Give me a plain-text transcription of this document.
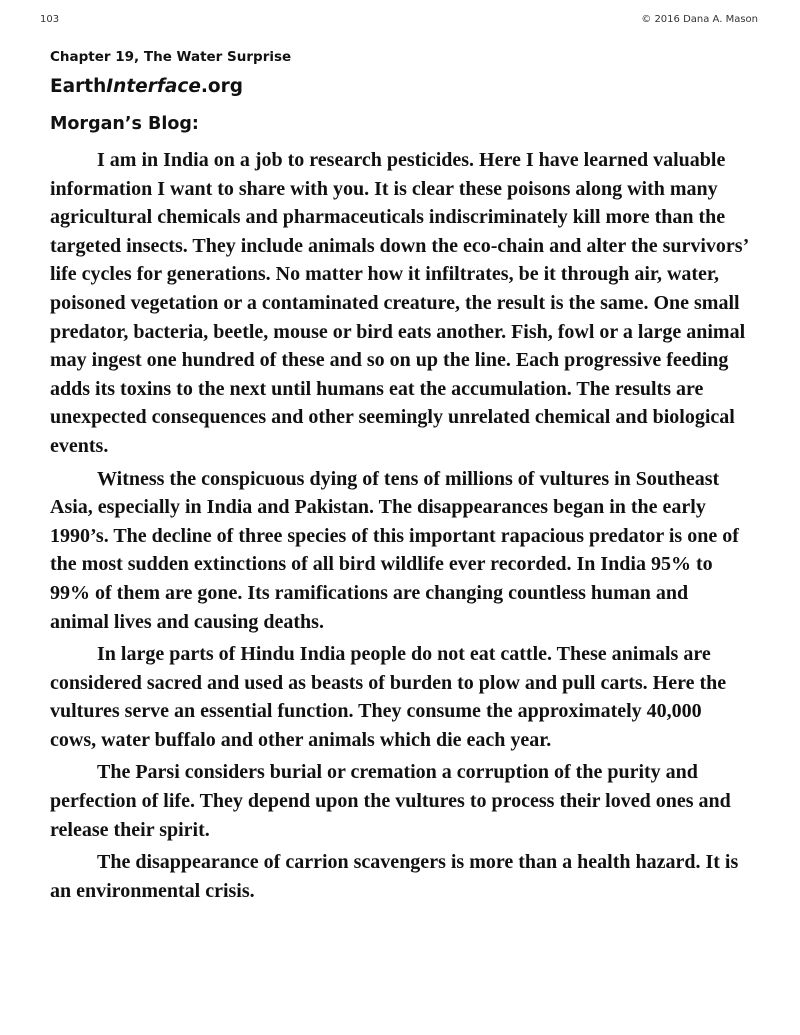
103	© 2016 Dana A. Mason
Chapter 19, The Water Surprise
EarthInterface.org
Morgan’s Blog:

I am in India on a job to research pesticides. Here I have learned valuable information I want to share with you. It is clear these poisons along with many agricultural chemicals and pharmaceuticals indiscriminately kill more than the targeted insects. They include animals down the eco-chain and alter the survivors’ life cycles for generations. No matter how it infiltrates, be it through air, water, poisoned vegetation or a contaminated creature, the result is the same. One small predator, bacteria, beetle, mouse or bird eats another. Fish, fowl or a large animal may ingest one hundred of these and so on up the line. Each progressive feeding adds its toxins to the next until humans eat the accumulation. The results are unexpected consequences and other seemingly unrelated chemical and biological events.

Witness the conspicuous dying of tens of millions of vultures in Southeast Asia, especially in India and Pakistan. The disappearances began in the early 1990’s. The decline of three species of this important rapacious predator is one of the most sudden extinctions of all bird wildlife ever recorded. In India 95% to 99% of them are gone. Its ramifications are changing countless human and animal lives and causing deaths.

In large parts of Hindu India people do not eat cattle. These animals are considered sacred and used as beasts of burden to plow and pull carts. Here the vultures serve an essential function. They consume the approximately 40,000 cows, water buffalo and other animals which die each year.

The Parsi considers burial or cremation a corruption of the purity and perfection of life. They depend upon the vultures to process their loved ones and release their spirit.

The disappearance of carrion scavengers is more than a health hazard. It is an environmental crisis.
